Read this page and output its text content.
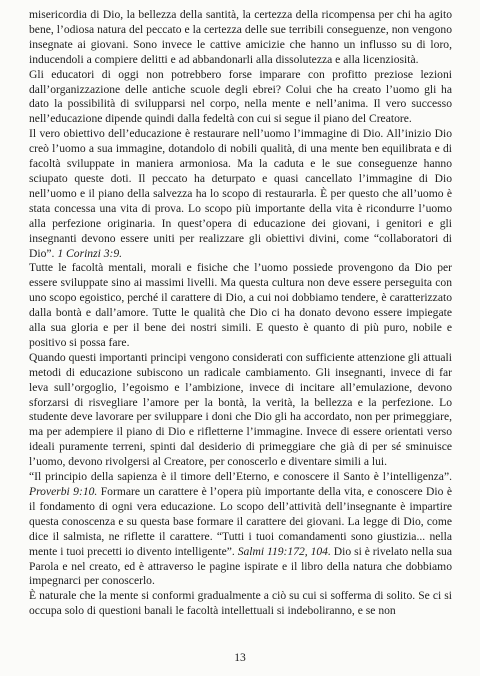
misericordia di Dio, la bellezza della santità, la certezza della ricompensa per chi ha agito bene, l’odiosa natura del peccato e la certezza delle sue terribili conseguenze, non vengono insegnate ai giovani. Sono invece le cattive amicizie che hanno un influsso su di loro, inducendoli a compiere delitti e ad abbandonarli alla dissolutezza e alla licenziosità.

Gli educatori di oggi non potrebbero forse imparare con profitto preziose lezioni dall’organizzazione delle antiche scuole degli ebrei? Colui che ha creato l’uomo gli ha dato la possibilità di svilupparsi nel corpo, nella mente e nell’anima. Il vero successo nell’educazione dipende quindi dalla fedeltà con cui si segue il piano del Creatore.

Il vero obiettivo dell’educazione è restaurare nell’uomo l’immagine di Dio. All’inizio Dio creò l’uomo a sua immagine, dotandolo di nobili qualità, di una mente ben equilibrata e di facoltà sviluppate in maniera armoniosa. Ma la caduta e le sue conseguenze hanno sciupato queste doti. Il peccato ha deturpato e quasi cancellato l’immagine di Dio nell’uomo e il piano della salvezza ha lo scopo di restaurarla. È per questo che all’uomo è stata concessa una vita di prova. Lo scopo più importante della vita è ricondurre l’uomo alla perfezione originaria. In quest’opera di educazione dei giovani, i genitori e gli insegnanti devono essere uniti per realizzare gli obiettivi divini, come “collaboratori di Dio”. 1 Corinzi 3:9.

Tutte le facoltà mentali, morali e fisiche che l’uomo possiede provengono da Dio per essere sviluppate sino ai massimi livelli. Ma questa cultura non deve essere perseguita con uno scopo egoistico, perché il carattere di Dio, a cui noi dobbiamo tendere, è caratterizzato dalla bontà e dall’amore. Tutte le qualità che Dio ci ha donato devono essere impiegate alla sua gloria e per il bene dei nostri simili. E questo è quanto di più puro, nobile e positivo si possa fare.

Quando questi importanti principi vengono considerati con sufficiente attenzione gli attuali metodi di educazione subiscono un radicale cambiamento. Gli insegnanti, invece di far leva sull’orgoglio, l’egoismo e l’ambizione, invece di incitare all’emulazione, devono sforzarsi di risvegliare l’amore per la bontà, la verità, la bellezza e la perfezione. Lo studente deve lavorare per sviluppare i doni che Dio gli ha accordato, non per primeggiare, ma per adempiere il piano di Dio e rifletterne l’immagine. Invece di essere orientati verso ideali puramente terreni, spinti dal desiderio di primeggiare che già di per sé sminuisce l’uomo, devono rivolgersi al Creatore, per conoscerlo e diventare simili a lui.

“Il principio della sapienza è il timore dell’Eterno, e conoscere il Santo è l’intelligenza”. Proverbi 9:10. Formare un carattere è l’opera più importante della vita, e conoscere Dio è il fondamento di ogni vera educazione. Lo scopo dell’attività dell’insegnante è impartire questa conoscenza e su questa base formare il carattere dei giovani. La legge di Dio, come dice il salmista, ne riflette il carattere. “Tutti i tuoi comandamenti sono giustizia... nella mente i tuoi precetti io divento intelligente”. Salmi 119:172, 104. Dio si è rivelato nella sua Parola e nel creato, ed è attraverso le pagine ispirate e il libro della natura che dobbiamo impegnarci per conoscerlo.

È naturale che la mente si conformi gradualmente a ciò su cui si sofferma di solito. Se ci si occupa solo di questioni banali le facoltà intellettuali si indeboliranno, e se non

13
